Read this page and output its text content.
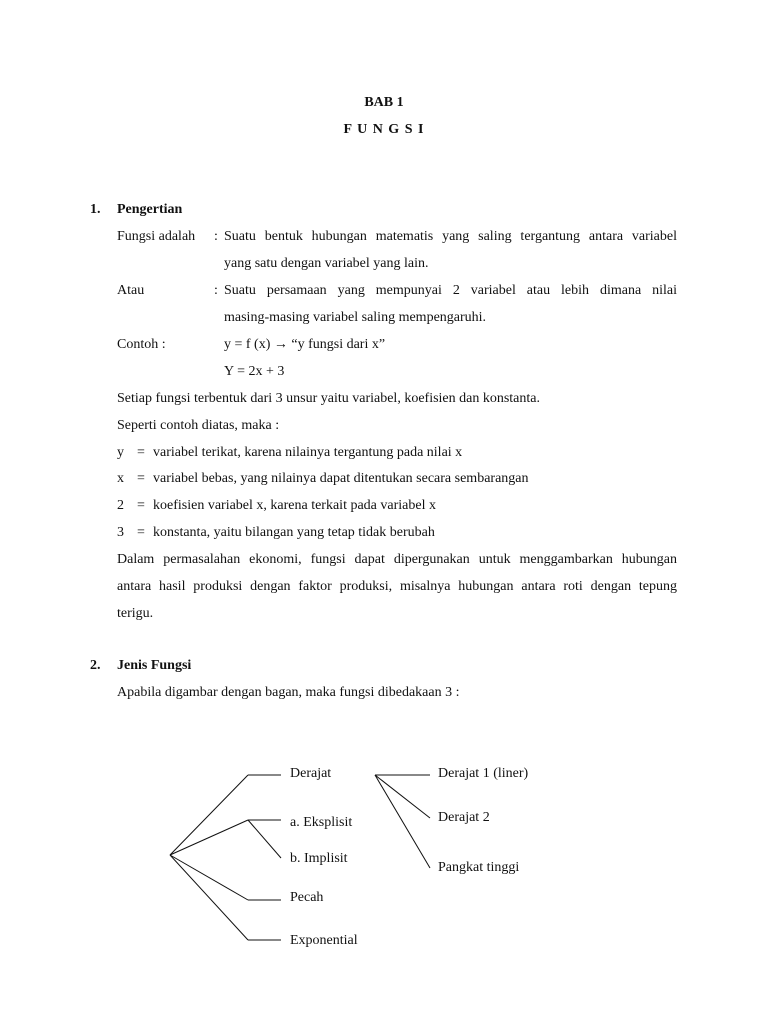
BAB 1
F U N G S I
1. Pengertian
Fungsi adalah : Suatu bentuk hubungan matematis yang saling tergantung antara variabel
yang satu dengan variabel yang lain.
Atau	: Suatu persamaan yang mempunyai 2 variabel atau lebih dimana nilai
masing-masing variabel saling mempengaruhi.
Contoh :	y = f (x) → “y fungsi dari x”
Y = 2x + 3
Setiap fungsi terbentuk dari 3 unsur yaitu variabel, koefisien dan konstanta.
Seperti contoh diatas, maka :
y = variabel terikat, karena nilainya tergantung pada nilai x
x = variabel bebas, yang nilainya dapat ditentukan secara sembarangan
2 = koefisien variabel x, karena terkait pada variabel x
3 = konstanta, yaitu bilangan yang tetap tidak berubah
Dalam permasalahan ekonomi, fungsi dapat dipergunakan untuk menggambarkan hubungan
antara hasil produksi dengan faktor produksi, misalnya hubungan antara roti dengan tepung
terigu.
2. Jenis Fungsi
Apabila digambar dengan bagan, maka fungsi dibedakaan 3 :
Derajat
a. Eksplisit
b. Implisit
Pecah
Exponential
Derajat 1 (liner)
Derajat 2
Pangkat tinggi
